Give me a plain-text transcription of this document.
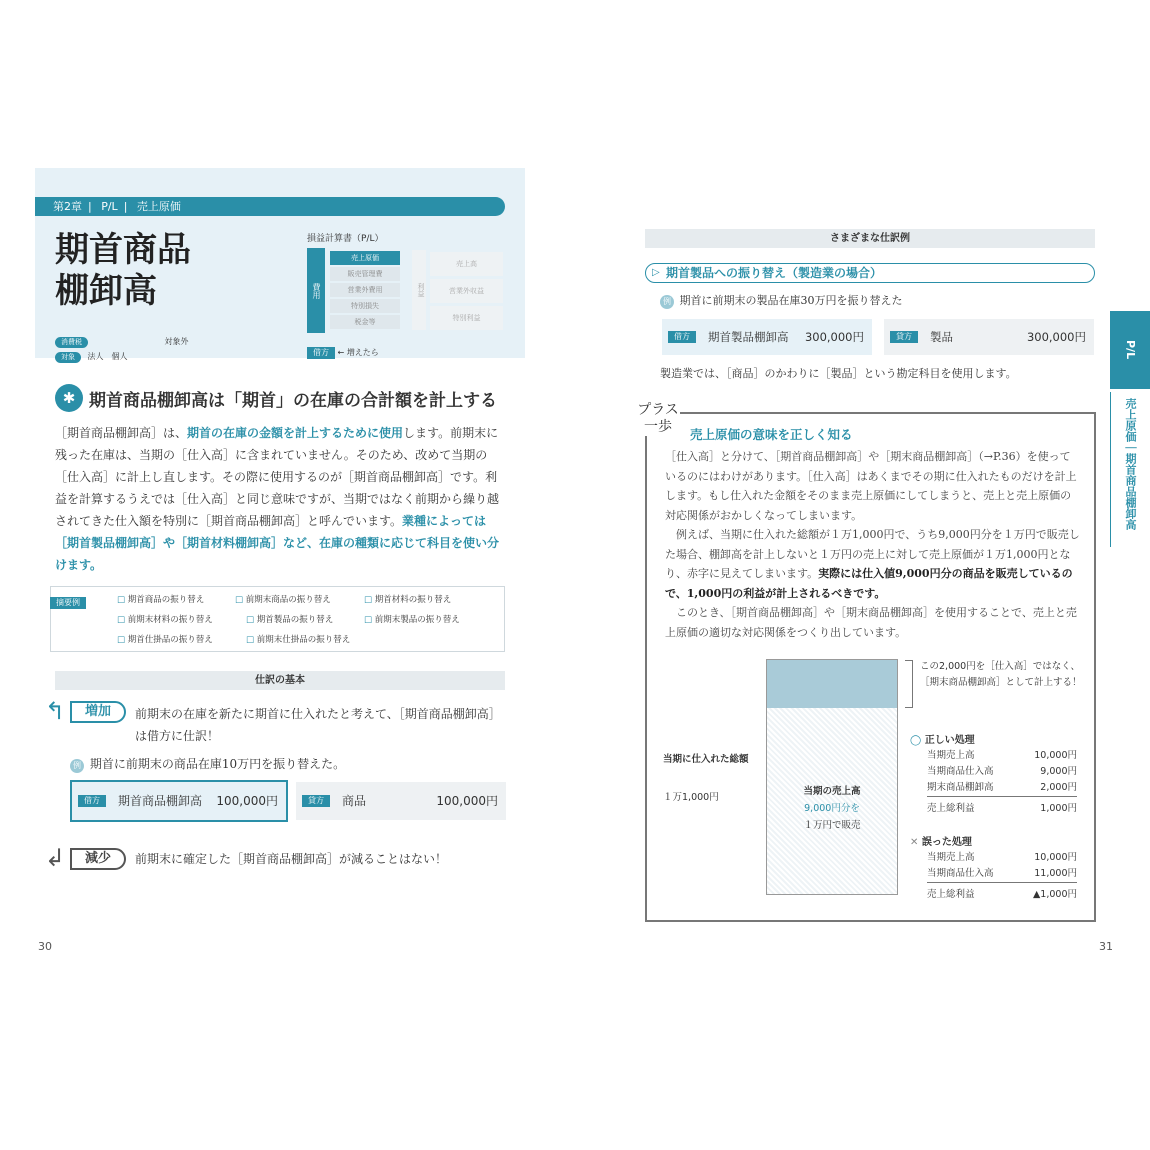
第2章 | P/L | 売上原価
期首商品
棚卸高
損益計算書（P/L）
費用
売上原価
販売管理費
営業外費用
特別損失
税金等
利益
売上高
営業外収益
特別利益
消費税	対象外
対象 法人　個人	借方 ← 増えたら
✱ 期首商品棚卸高は「期首」の在庫の合計額を計上する
［期首商品棚卸高］は、期首の在庫の金額を計上するために使用します。前期末に残った在庫は、当期の［仕入高］に含まれていません。そのため、改めて当期の［仕入高］に計上し直します。その際に使用するのが［期首商品棚卸高］です。利益を計算するうえでは［仕入高］と同じ意味ですが、当期ではなく前期から繰り越されてきた仕入額を特別に［期首商品棚卸高］と呼んでいます。業種によっては［期首製品棚卸高］や［期首材料棚卸高］など、在庫の種類に応じて科目を使い分けます。
摘要例	□ 期首商品の振り替え	□ 前期末商品の振り替え	□ 期首材料の振り替え
□ 前期末材料の振り替え	□ 期首製品の振り替え	□ 前期末製品の振り替え
□ 期首仕掛品の振り替え	□ 前期末仕掛品の振り替え
仕訳の基本
↰	増加	前期末の在庫を新たに期首に仕入れたと考えて、［期首商品棚卸高］は借方に仕訳！
例 期首に前期末の商品在庫10万円を振り替えた。
借方	期首商品棚卸高 100,000円	貸方	商品	100,000円
↲	減少	前期末に確定した［期首商品棚卸高］が減ることはない！
30
さまざまな仕訳例
▷ 期首製品への振り替え（製造業の場合）
例 期首に前期末の製品在庫30万円を振り替えた
借方	期首製品棚卸高 300,000円	貸方	製品	300,000円
製造業では、［商品］のかわりに［製品］という勘定科目を使用します。
プラス一歩	売上原価の意味を正しく知る
［仕入高］と分けて、［期首商品棚卸高］や［期末商品棚卸高］（→P.36）を使っているのにはわけがあります。［仕入高］はあくまでその期に仕入れたものだけを計上します。もし仕入れた金額をそのまま売上原価にしてしまうと、売上と売上原価の対応関係がおかしくなってしまいます。
　例えば、当期に仕入れた総額が１万1,000円で、うち9,000円分を１万円で販売した場合、棚卸高を計上しないと１万円の売上に対して売上原価が１万1,000円となり、赤字に見えてしまいます。実際には仕入値9,000円分の商品を販売しているので、1,000円の利益が計上されるべきです。
　このとき、［期首商品棚卸高］や［期末商品棚卸高］を使用することで、売上と売上原価の適切な対応関係をつくり出しています。
当期に仕入れた総額
１万1,000円
当期の売上高
9,000円分を
１万円で販売
この2,000円を［仕入高］ではなく、［期末商品棚卸高］として計上する！
◯ 正しい処理
当期売上高	10,000円
当期商品仕入高	9,000円
期末商品棚卸高	2,000円
売上総利益	1,000円
✕ 誤った処理
当期売上高	10,000円
当期商品仕入高	11,000円
売上総利益	▲1,000円
31
P/L
売上原価｜期首商品棚卸高
